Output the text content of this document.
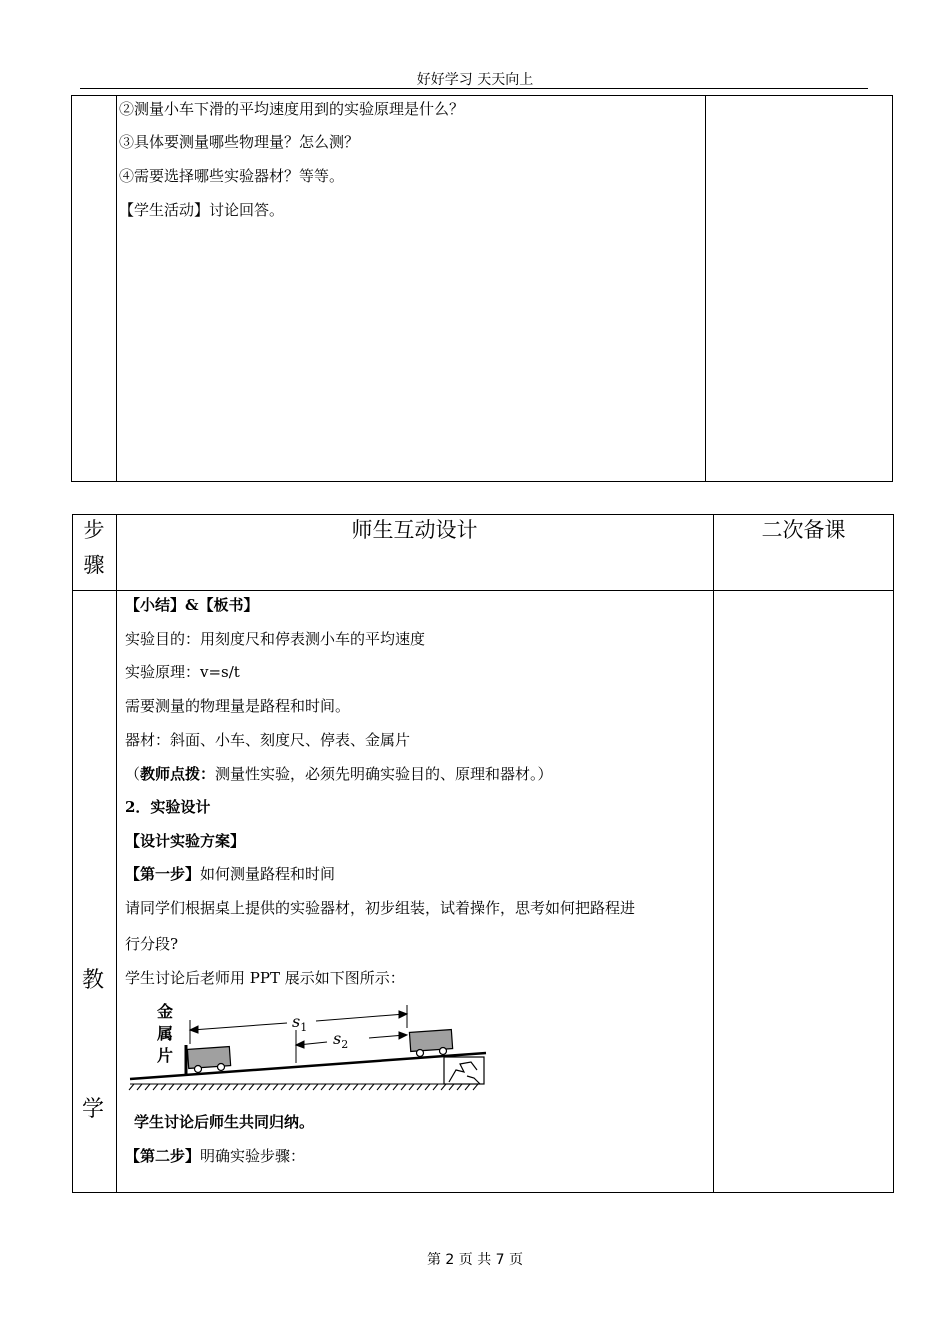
好好学习 天天向上
②测量小车下滑的平均速度用到的实验原理是什么？
③具体要测量哪些物理量？怎么测？
④需要选择哪些实验器材？等等。
【学生活动】讨论回答。
步
骤
师生互动设计	二次备课
教
学
【小结】&【板书】
实验目的：用刻度尺和停表测小车的平均速度
实验原理：v=s/t
需要测量的物理量是路程和时间。
器材：斜面、小车、刻度尺、停表、金属片
（教师点拨：测量性实验，必须先明确实验目的、原理和器材。）
2．实验设计
【设计实验方案】
【第一步】如何测量路程和时间
请同学们根据桌上提供的实验器材，初步组装，试着操作，思考如何把路程进
行分段?
学生讨论后老师用 PPT 展示如下图所示：
金
属
片
$s_1$
$s_2$
学生讨论后师生共同归纳。
【第二步】明确实验步骤：
第 2 页 共 7 页
